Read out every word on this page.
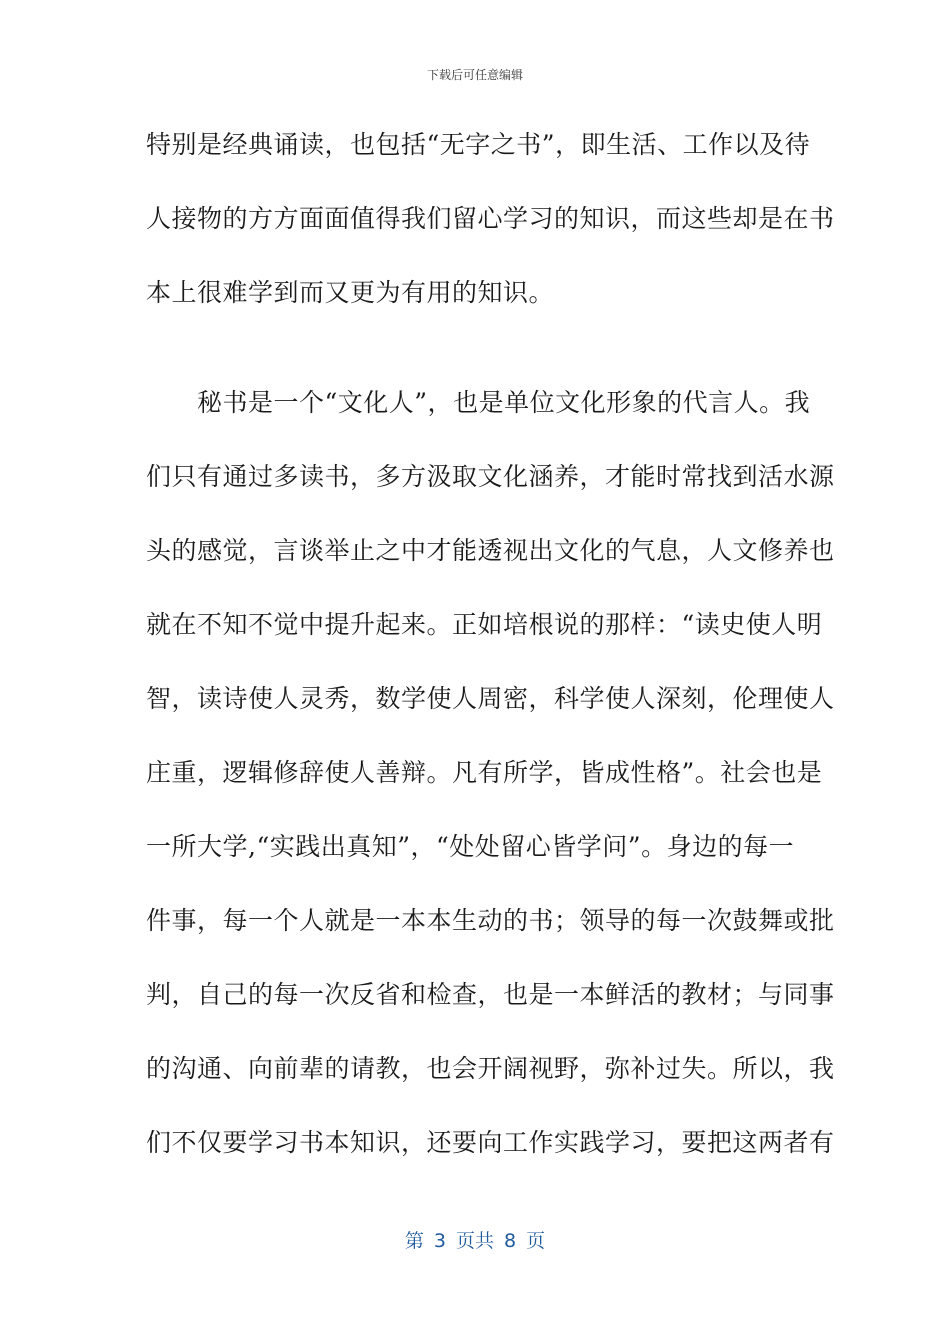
下载后可任意编辑
特别是经典诵读，也包括“无字之书”，即生活、工作以及待
人接物的方方面面值得我们留心学习的知识，而这些却是在书
本上很难学到而又更为有用的知识。
　　秘书是一个“文化人”，也是单位文化形象的代言人。我
们只有通过多读书，多方汲取文化涵养，才能时常找到活水源
头的感觉，言谈举止之中才能透视出文化的气息，人文修养也
就在不知不觉中提升起来。正如培根说的那样：“读史使人明
智，读诗使人灵秀，数学使人周密，科学使人深刻，伦理使人
庄重，逻辑修辞使人善辩。凡有所学，皆成性格”。社会也是
一所大学,“实践出真知”，“处处留心皆学问”。身边的每一
件事，每一个人就是一本本生动的书；领导的每一次鼓舞或批
判，自己的每一次反省和检查，也是一本鲜活的教材；与同事
的沟通、向前辈的请教，也会开阔视野，弥补过失。所以，我
们不仅要学习书本知识，还要向工作实践学习，要把这两者有
第 3 页共 8 页
